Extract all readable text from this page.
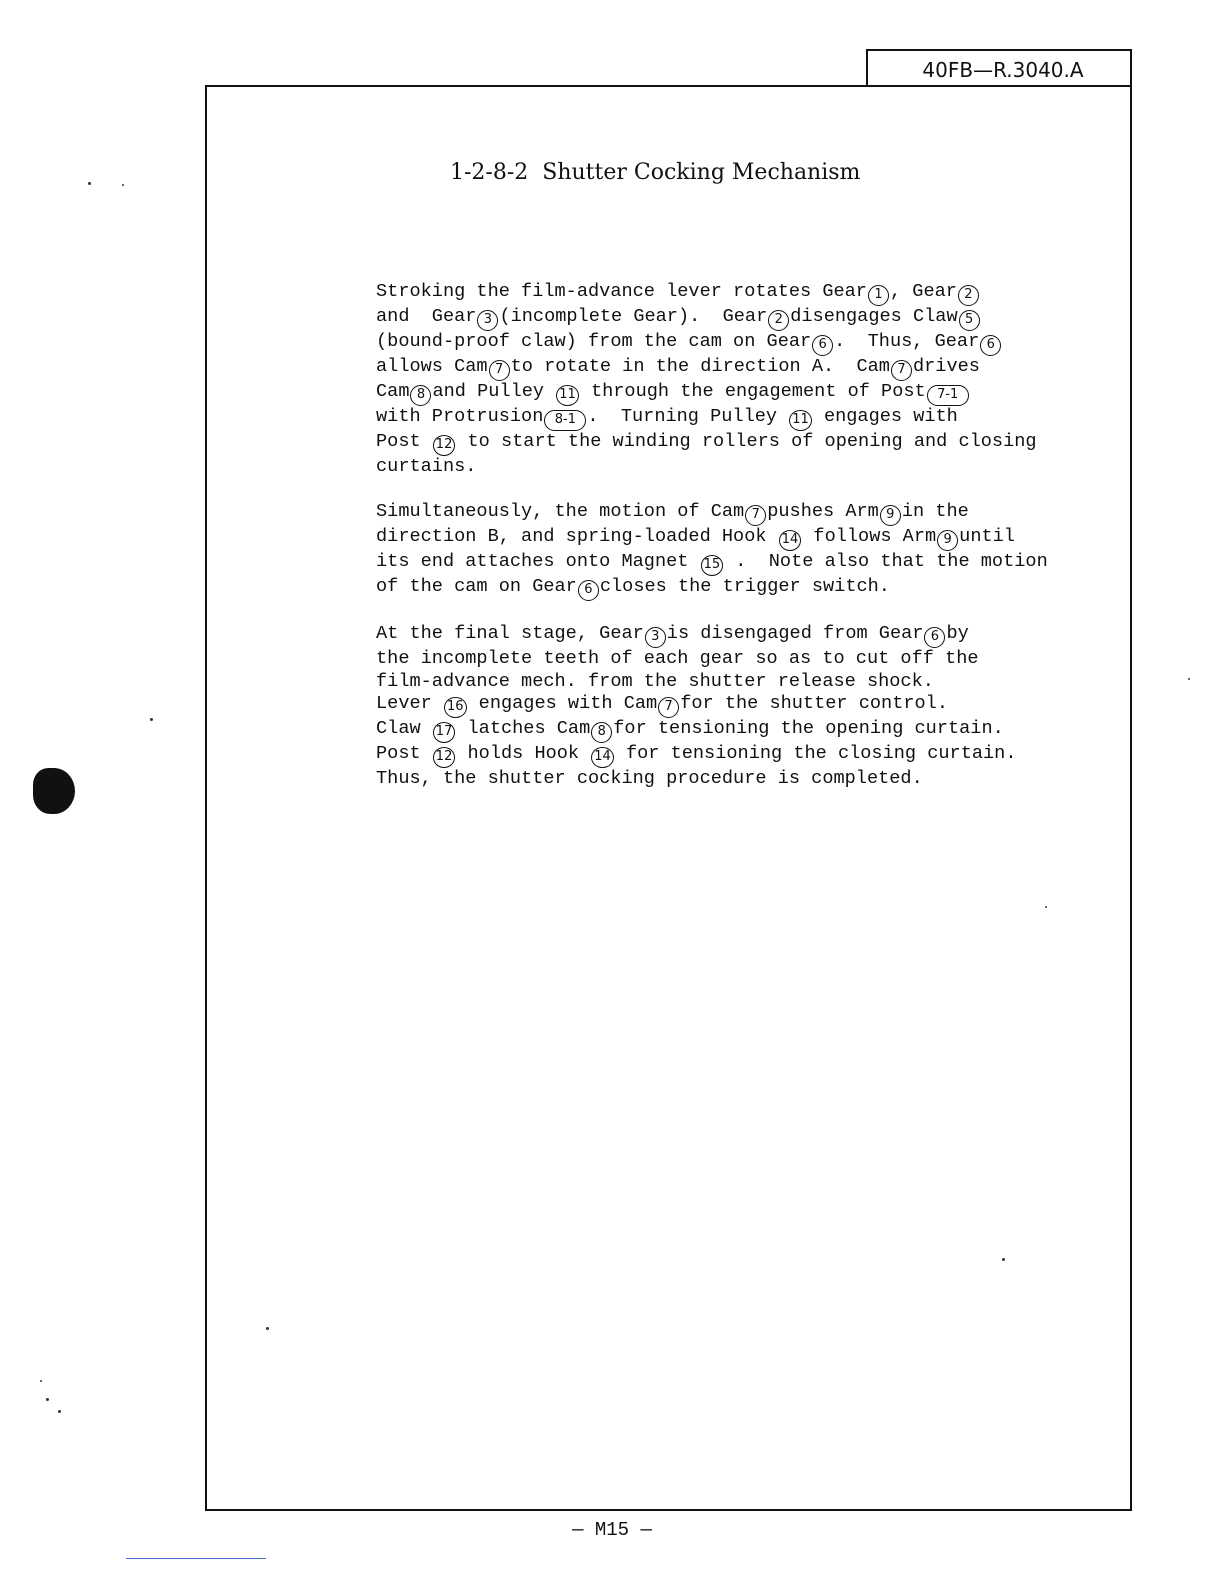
40FB—R.3040.A
1-2-8-2  Shutter Cocking Mechanism
Stroking the film-advance lever rotates Gear 1 , Gear 2
and  Gear 3 (incomplete Gear).  Gear 2 disengages Claw 5
(bound-proof claw) from the cam on Gear 6 .  Thus, Gear 6
allows Cam 7 to rotate in the direction A.  Cam 7 drives
Cam 8 and Pulley 11 through the engagement of Post 7-1
with Protrusion 8-1 .  Turning Pulley 11 engages with
Post 12 to start the winding rollers of opening and closing
curtains.
Simultaneously, the motion of Cam 7 pushes Arm 9 in the
direction B, and spring-loaded Hook 14 follows Arm 9 until
its end attaches onto Magnet 15 .  Note also that the motion
of the cam on Gear 6 closes the trigger switch.
At the final stage, Gear 3 is disengaged from Gear 6 by
the incomplete teeth of each gear so as to cut off the
film-advance mech. from the shutter release shock.
Lever 16 engages with Cam 7 for the shutter control.
Claw 17 latches Cam 8 for tensioning the opening curtain.
Post 12 holds Hook 14 for tensioning the closing curtain.
Thus, the shutter cocking procedure is completed.
— M15 —
